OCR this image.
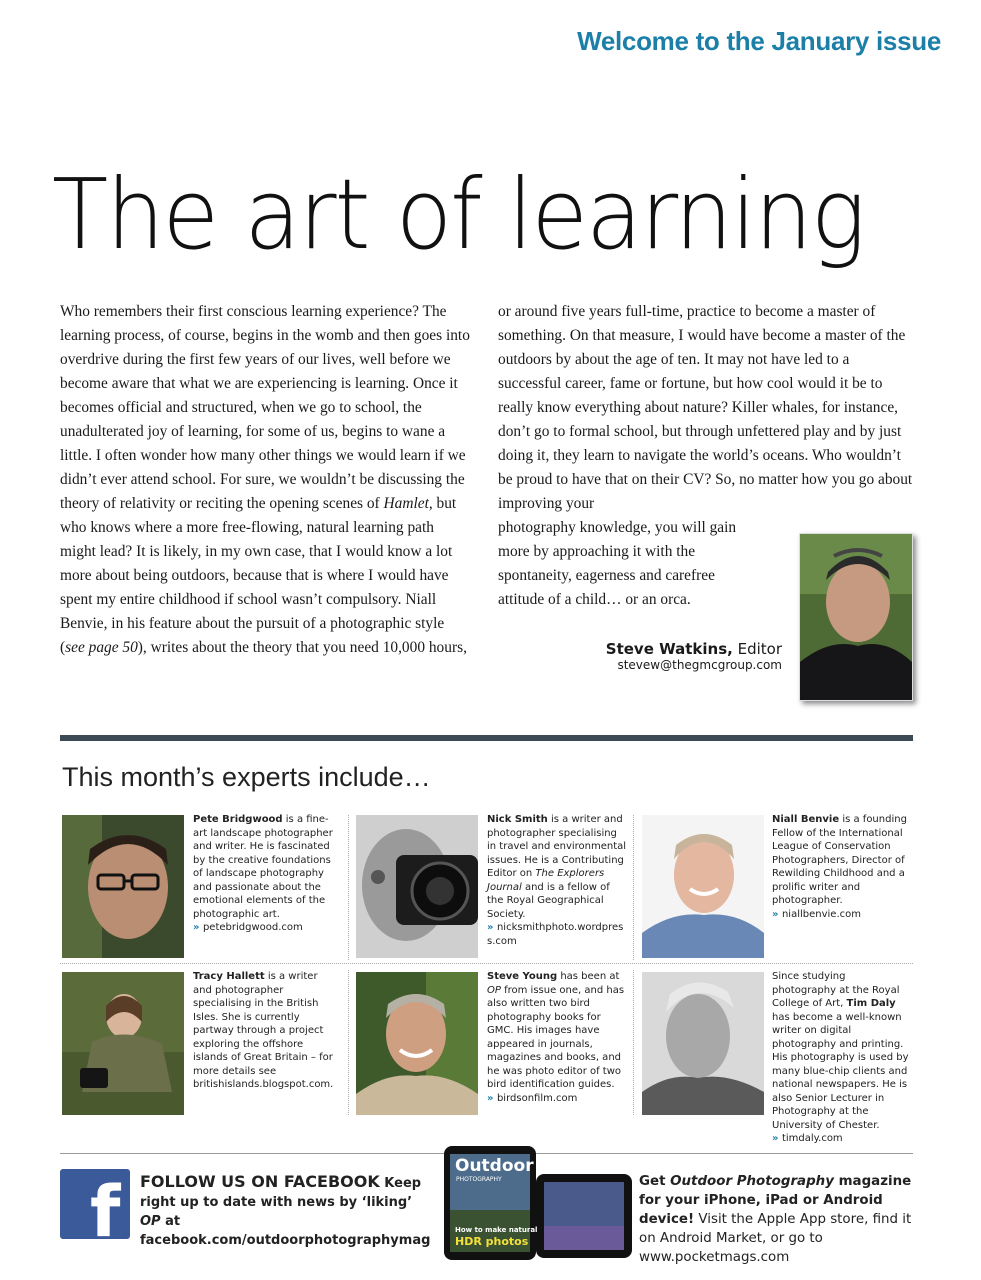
Welcome to the January issue
The art of learning

Who remembers their first conscious learning experience? The learning process, of course, begins in the womb and then goes into overdrive during the first few years of our lives, well before we become aware that what we are experiencing is learning. Once it becomes official and structured, when we go to school, the unadulterated joy of learning, for some of us, begins to wane a little. I often wonder how many other things we would learn if we didn’t ever attend school. For sure, we wouldn’t be discussing the theory of relativity or reciting the opening scenes of Hamlet, but who knows where a more free-flowing, natural learning path might lead? It is likely, in my own case, that I would know a lot more about being outdoors, because that is where I would have spent my entire childhood if school wasn’t compulsory. Niall Benvie, in his feature about the pursuit of a photographic style (see page 50), writes about the theory that you need 10,000 hours,

or around five years full-time, practice to become a master of something. On that measure, I would have become a master of the outdoors by about the age of ten. It may not have led to a successful career, fame or fortune, but how cool would it be to really know everything about nature? Killer whales, for instance, don’t go to formal school, but through unfettered play and by just doing it, they learn to navigate the world’s oceans. Who wouldn’t be proud to have that on their CV? So, no matter how you go about improving your

photography knowledge, you will gain more by approaching it with the spontaneity, eagerness and carefree attitude of a child… or an orca.

Steve Watkins, Editor
stevew@thegmcgroup.com
This month’s experts include…
Pete Bridgwood is a fine-art landscape photographer and writer. He is fascinated by the creative foundations of landscape photography and passionate about the emotional elements of the photographic art.
» petebridgwood.com
Nick Smith is a writer and photographer specialising in travel and environmental issues. He is a Contributing Editor on The Explorers Journal and is a fellow of the Royal Geographical Society.
» nicksmithphoto.wordpress.com
Niall Benvie is a founding Fellow of the International League of Conservation Photographers, Director of Rewilding Childhood and a prolific writer and photographer.
» niallbenvie.com
Tracy Hallett is a writer and photographer specialising in the British Isles. She is currently partway through a project exploring the offshore islands of Great Britain – for more details see britishislands.blogspot.com.
Steve Young has been at OP from issue one, and has also written two bird photography books for GMC. His images have appeared in journals, magazines and books, and he was photo editor of two bird identification guides.
» birdsonfilm.com
Since studying photography at the Royal College of Art, Tim Daly has become a well-known writer on digital photography and printing. His photography is used by many blue-chip clients and national newspapers. He is also Senior Lecturer in Photography at the University of Chester.
» timdaly.com
f FOLLOW US ON FACEBOOK Keep right up to date with news by ‘liking’ OP at facebook.com/outdoorphotographymag
Outdoor
PHOTOGRAPHY
How to make natural
HDR photos
Get Outdoor Photography magazine for your iPhone, iPad or Android device! Visit the Apple App store, find it on Android Market, or go to www.pocketmags.com
